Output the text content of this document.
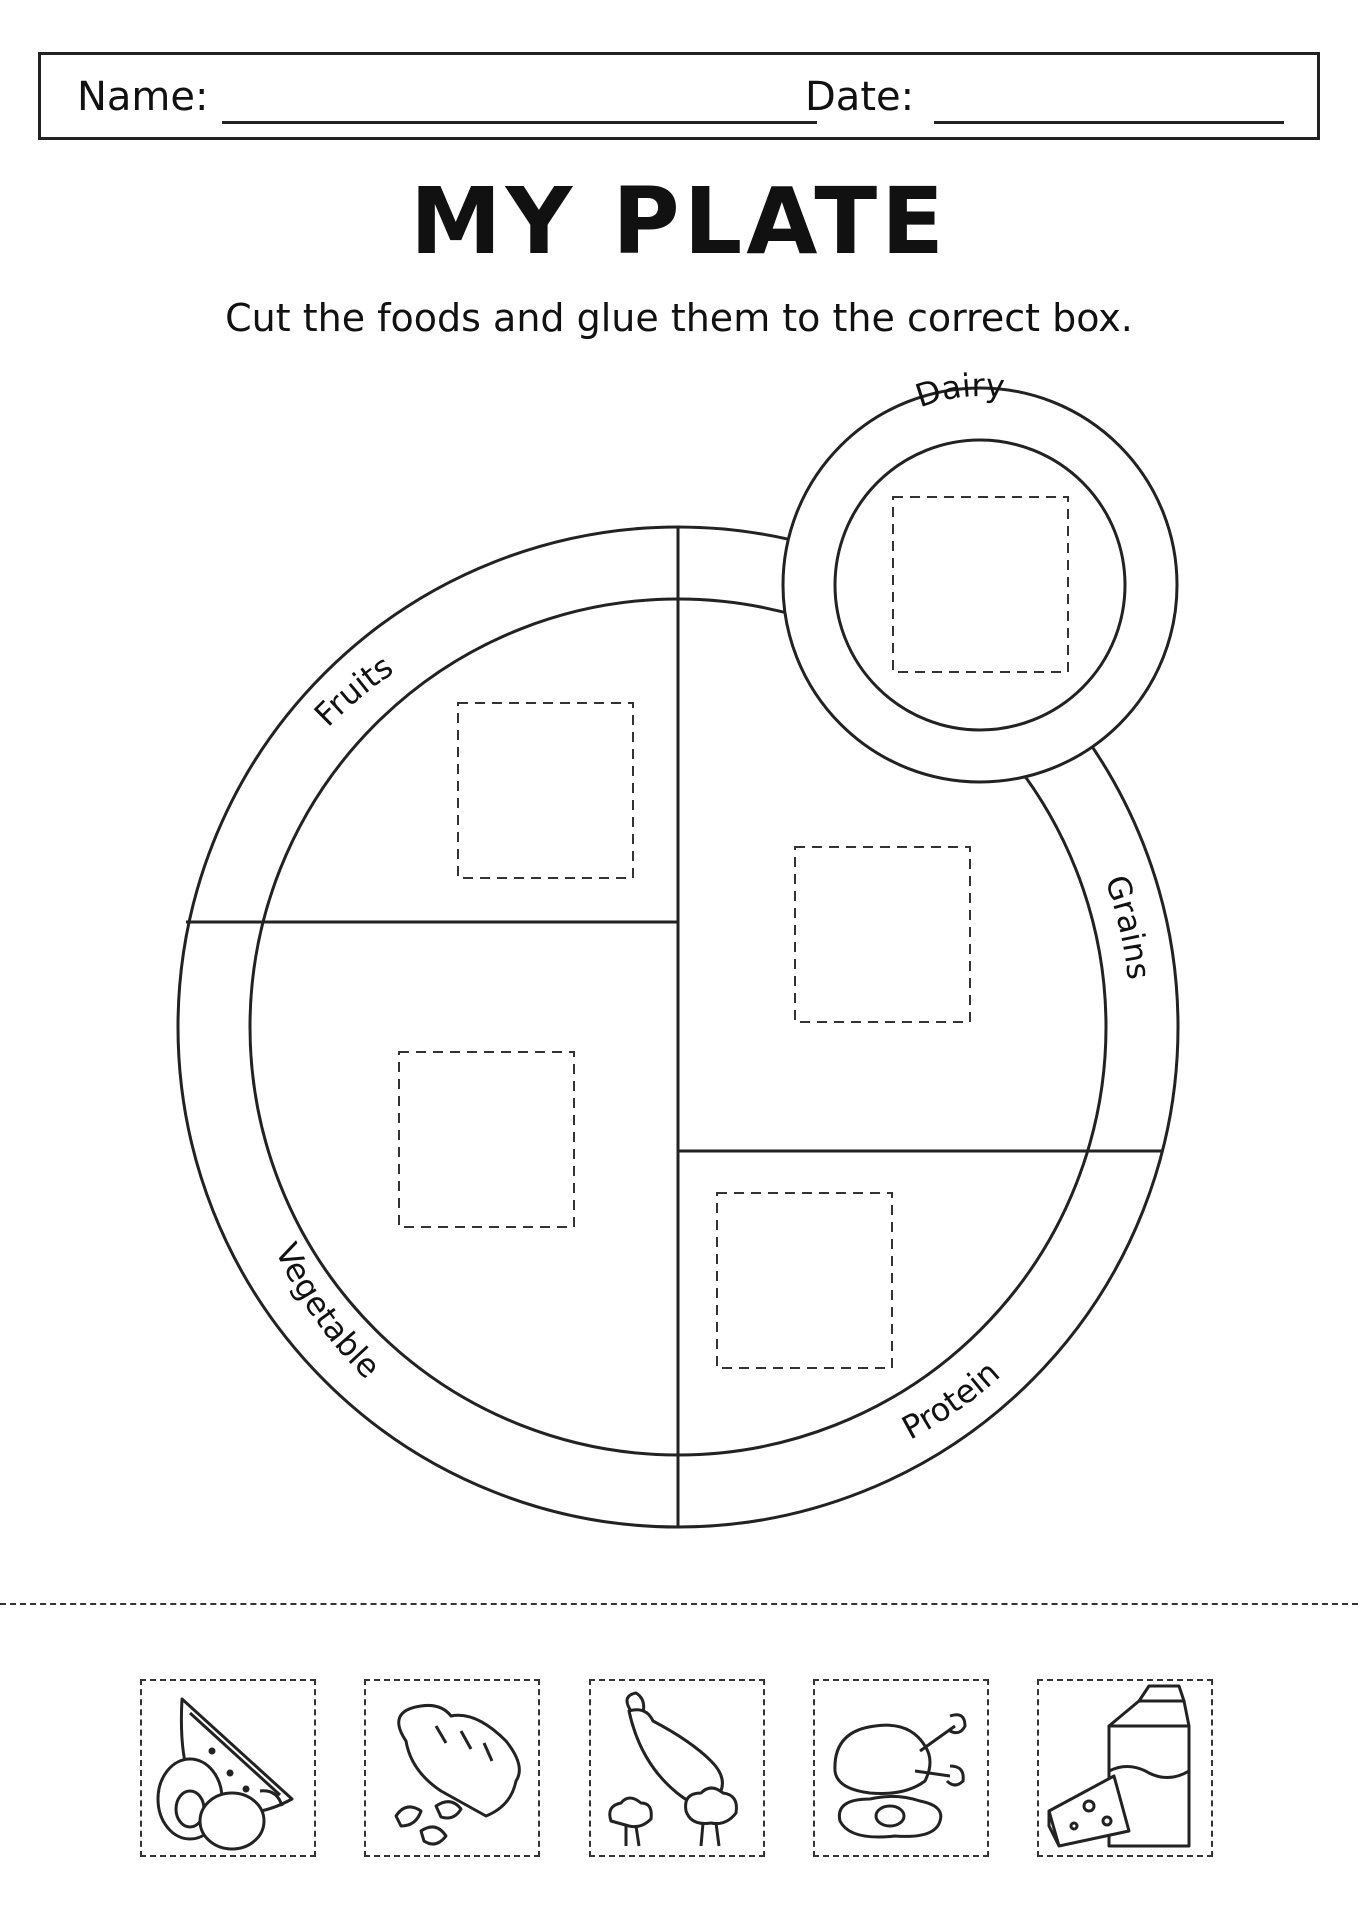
Name:	Date:
MY PLATE
Cut the foods and glue them to the correct box.
Fruits
Grains
Vegetable
Protein
Dairy
